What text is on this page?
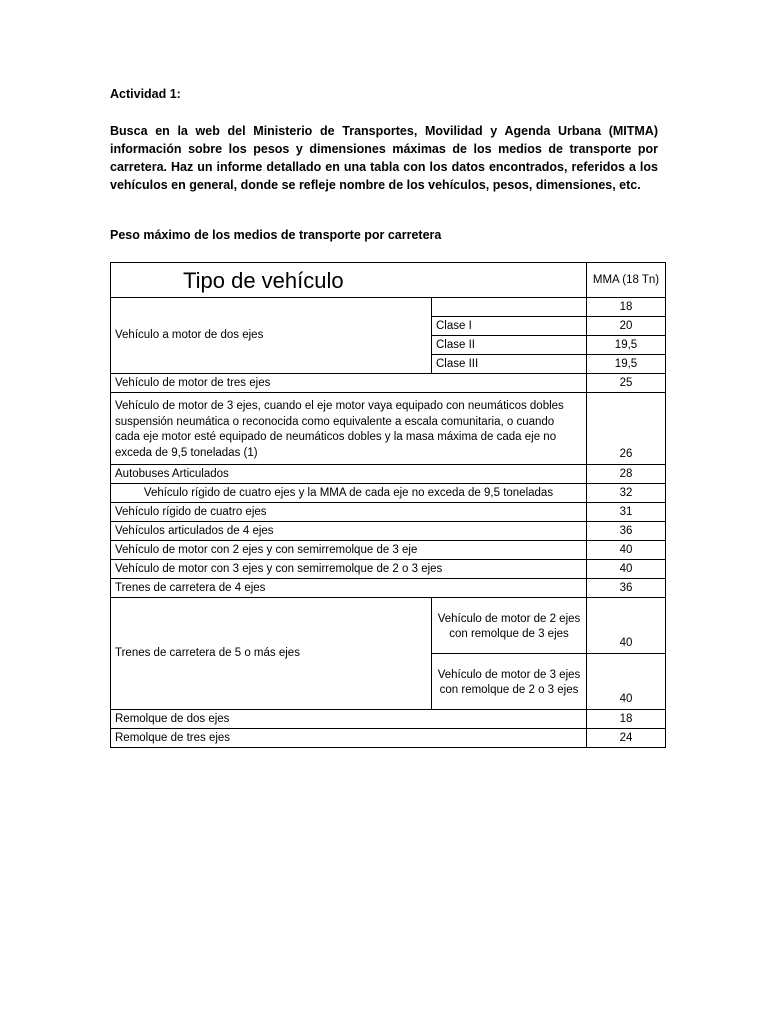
Actividad 1:

Busca en la web del Ministerio de Transportes, Movilidad y Agenda Urbana (MITMA) información sobre los pesos y dimensiones máximas de los medios de transporte por carretera. Haz un informe detallado en una tabla con los datos encontrados, referidos a los vehículos en general, donde se refleje nombre de los vehículos, pesos, dimensiones, etc.

Peso máximo de los medios de transporte por carretera
Tipo de vehículo		MMA (18 Tn)
Vehículo a motor de dos ejes		18
	Clase I	20
	Clase II	19,5
	Clase III	19,5
Vehículo de motor de tres ejes		25
Vehículo de motor de 3 ejes, cuando el eje motor vaya equipado con neumáticos dobles suspensión neumática o reconocida como equivalente a escala comunitaria, o cuando cada eje motor esté equipado de neumáticos dobles y la masa máxima de cada eje no exceda de 9,5 toneladas (1)		26
Autobuses Articulados		28
Vehículo rígido de cuatro ejes y la MMA de cada eje no exceda de 9,5 toneladas		32
Vehículo rígido de cuatro ejes		31
Vehículos articulados de 4 ejes		36
Vehículo de motor con 2 ejes y con semirremolque de 3 eje		40
Vehículo de motor con 3 ejes y con semirremolque de 2 o 3 ejes		40
Trenes de carretera de 4 ejes		36
Trenes de carretera de 5 o más ejes	Vehículo de motor de 2 ejes con remolque de 3 ejes	40
	Vehículo de motor de 3 ejes con remolque de 2 o 3 ejes	40
Remolque de dos ejes		18
Remolque de tres ejes		24
